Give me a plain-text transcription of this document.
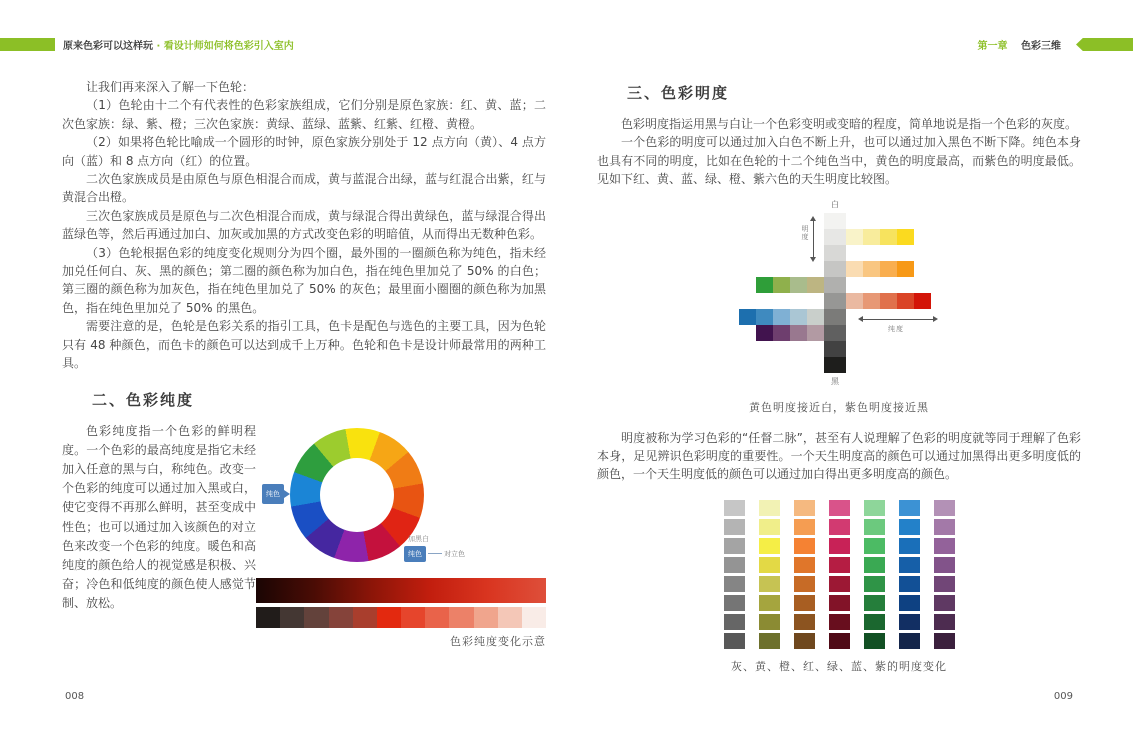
原来色彩可以这样玩 · 看设计师如何将色彩引入室内	第一章 色彩三维

让我们再来深入了解一下色轮：

（1）色轮由十二个有代表性的色彩家族组成，它们分别是原色家族：红、黄、蓝；二次色家族：绿、紫、橙；三次色家族：黄绿、蓝绿、蓝紫、红紫、红橙、黄橙。

（2）如果将色轮比喻成一个圆形的时钟，原色家族分别处于 12 点方向（黄）、4 点方向（蓝）和 8 点方向（红）的位置。

二次色家族成员是由原色与原色相混合而成，黄与蓝混合出绿，蓝与红混合出紫，红与黄混合出橙。

三次色家族成员是原色与二次色相混合而成，黄与绿混合得出黄绿色，蓝与绿混合得出蓝绿色等，然后再通过加白、加灰或加黑的方式改变色彩的明暗值，从而得出无数种色彩。

（3）色轮根据色彩的纯度变化规则分为四个圈，最外围的一圈颜色称为纯色，指未经加兑任何白、灰、黑的颜色；第二圈的颜色称为加白色，指在纯色里加兑了 50% 的白色；第三圈的颜色称为加灰色，指在纯色里加兑了 50% 的灰色；最里面小圈圈的颜色称为加黑色，指在纯色里加兑了 50% 的黑色。

需要注意的是，色轮是色彩关系的指引工具，色卡是配色与选色的主要工具，因为色轮只有 48 种颜色，而色卡的颜色可以达到成千上万种。色轮和色卡是设计师最常用的两种工具。

二、色彩纯度
色彩纯度指一个色彩的鲜明程度。一个色彩的最高纯度是指它未经加入任意的黑与白，称纯色。改变一个色彩的纯度可以通过加入黑或白，使它变得不再那么鲜明，甚至变成中性色；也可以通过加入该颜色的对立色来改变一个色彩的纯度。暖色和高纯度的颜色给人的视觉感是积极、兴奋；冷色和低纯度的颜色使人感觉节制、放松。
纯色
加黑白
纯色	对立色
色彩纯度变化示意
三、色彩明度

色彩明度指运用黑与白让一个色彩变明或变暗的程度，简单地说是指一个色彩的灰度。

一个色彩的明度可以通过加入白色不断上升，也可以通过加入黑色不断下降。纯色本身也具有不同的明度，比如在色轮的十二个纯色当中，黄色的明度最高，而紫色的明度最低。见如下红、黄、蓝、绿、橙、紫六色的天生明度比较图。

白
黑
明度
纯度
黄色明度接近白，紫色明度接近黑

明度被称为学习色彩的“任督二脉”，甚至有人说理解了色彩的明度就等同于理解了色彩本身，足见辨识色彩明度的重要性。一个天生明度高的颜色可以通过加黑得出更多明度低的颜色，一个天生明度低的颜色可以通过加白得出更多明度高的颜色。

灰、黄、橙、红、绿、蓝、紫的明度变化
008	009
